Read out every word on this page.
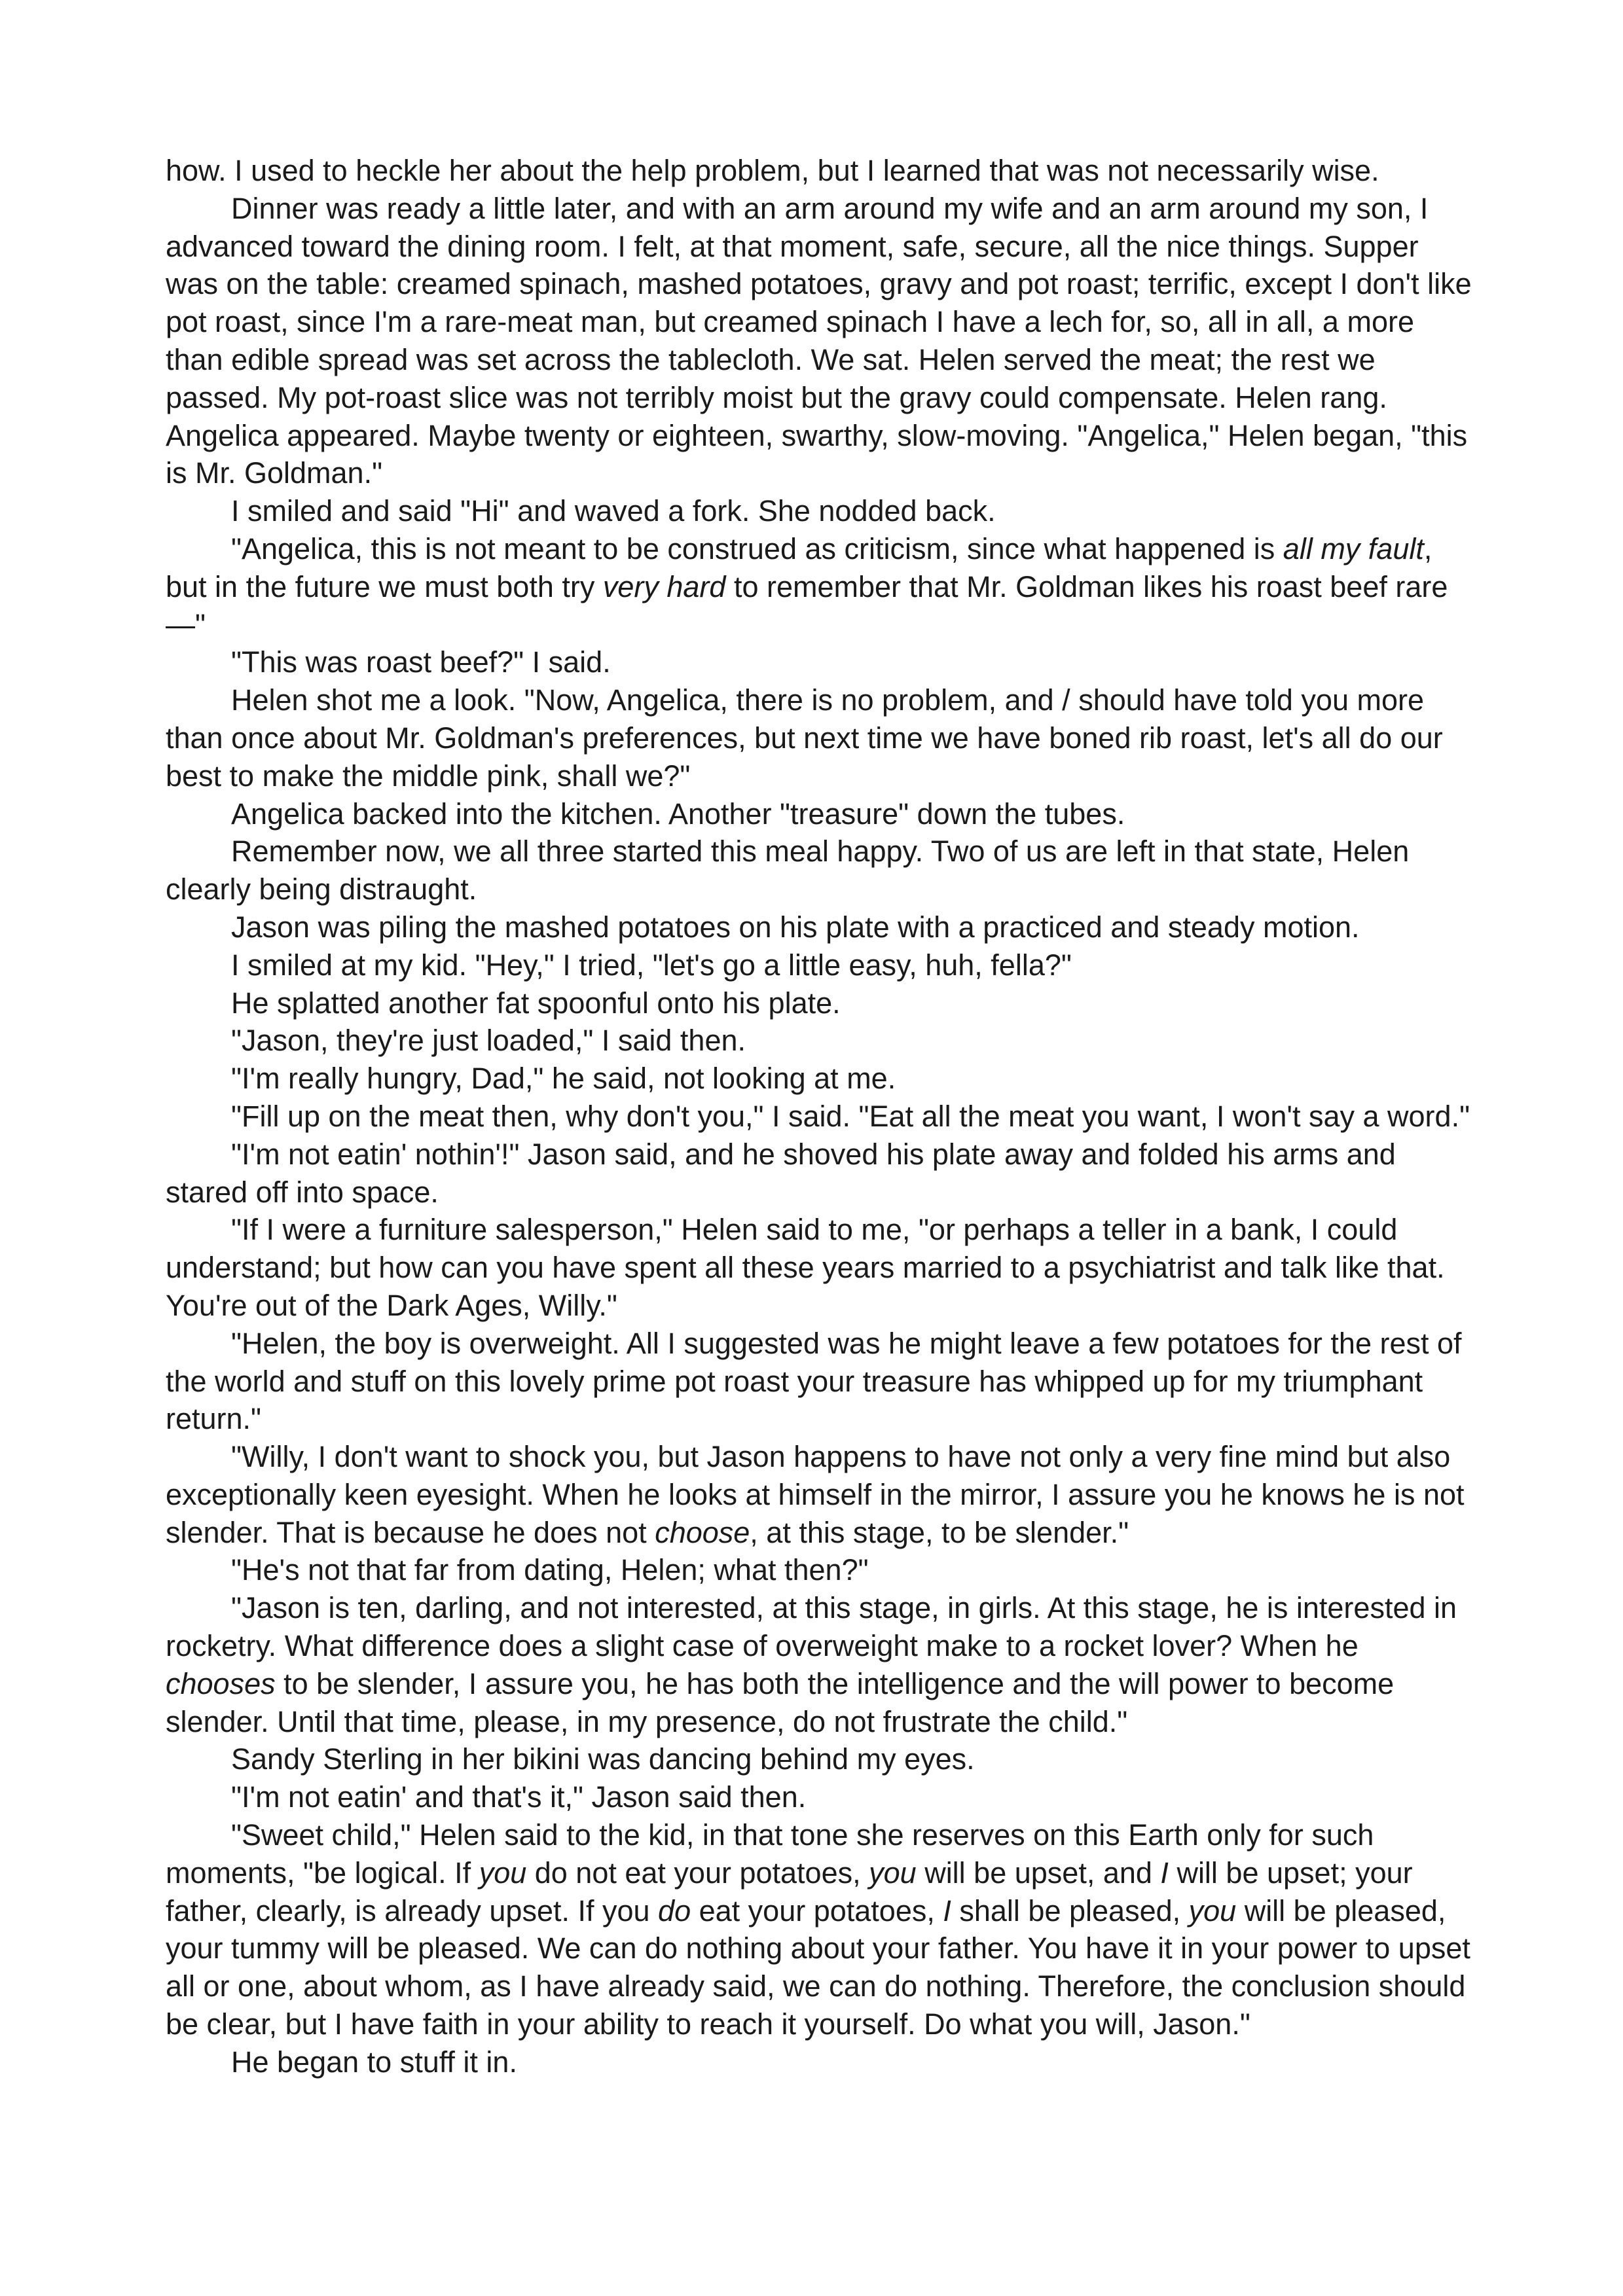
how. I used to heckle her about the help problem, but I learned that was not necessarily wise.

Dinner was ready a little later, and with an arm around my wife and an arm around my son, I advanced toward the dining room. I felt, at that moment, safe, secure, all the nice things. Supper was on the table: creamed spinach, mashed potatoes, gravy and pot roast; terrific, except I don't like pot roast, since I'm a rare-meat man, but creamed spinach I have a lech for, so, all in all, a more than edible spread was set across the tablecloth. We sat. Helen served the meat; the rest we passed. My pot-roast slice was not terribly moist but the gravy could compensate. Helen rang. Angelica appeared. Maybe twenty or eighteen, swarthy, slow-moving. "Angelica," Helen began, "this is Mr. Goldman."

I smiled and said "Hi" and waved a fork. She nodded back.

"Angelica, this is not meant to be construed as criticism, since what happened is all my fault, but in the future we must both try very hard to remember that Mr. Goldman likes his roast beef rare—"

"This was roast beef?" I said.

Helen shot me a look. "Now, Angelica, there is no problem, and / should have told you more than once about Mr. Goldman's preferences, but next time we have boned rib roast, let's all do our best to make the middle pink, shall we?"

Angelica backed into the kitchen. Another "treasure" down the tubes.

Remember now, we all three started this meal happy. Two of us are left in that state, Helen clearly being distraught.

Jason was piling the mashed potatoes on his plate with a practiced and steady motion.

I smiled at my kid. "Hey," I tried, "let's go a little easy, huh, fella?"

He splatted another fat spoonful onto his plate.

"Jason, they're just loaded," I said then.

"I'm really hungry, Dad," he said, not looking at me.

"Fill up on the meat then, why don't you," I said. "Eat all the meat you want, I won't say a word."

"I'm not eatin' nothin'!" Jason said, and he shoved his plate away and folded his arms and stared off into space.

"If I were a furniture salesperson," Helen said to me, "or perhaps a teller in a bank, I could understand; but how can you have spent all these years married to a psychiatrist and talk like that. You're out of the Dark Ages, Willy."

"Helen, the boy is overweight. All I suggested was he might leave a few potatoes for the rest of the world and stuff on this lovely prime pot roast your treasure has whipped up for my triumphant return."

"Willy, I don't want to shock you, but Jason happens to have not only a very fine mind but also exceptionally keen eyesight. When he looks at himself in the mirror, I assure you he knows he is not slender. That is because he does not choose, at this stage, to be slender."

"He's not that far from dating, Helen; what then?"

"Jason is ten, darling, and not interested, at this stage, in girls. At this stage, he is interested in rocketry. What difference does a slight case of overweight make to a rocket lover? When he chooses to be slender, I assure you, he has both the intelligence and the will power to become slender. Until that time, please, in my presence, do not frustrate the child."

Sandy Sterling in her bikini was dancing behind my eyes.

"I'm not eatin' and that's it," Jason said then.

"Sweet child," Helen said to the kid, in that tone she reserves on this Earth only for such moments, "be logical. If you do not eat your potatoes, you will be upset, and I will be upset; your father, clearly, is already upset. If you do eat your potatoes, I shall be pleased, you will be pleased, your tummy will be pleased. We can do nothing about your father. You have it in your power to upset all or one, about whom, as I have already said, we can do nothing. Therefore, the conclusion should be clear, but I have faith in your ability to reach it yourself. Do what you will, Jason."

He began to stuff it in.
